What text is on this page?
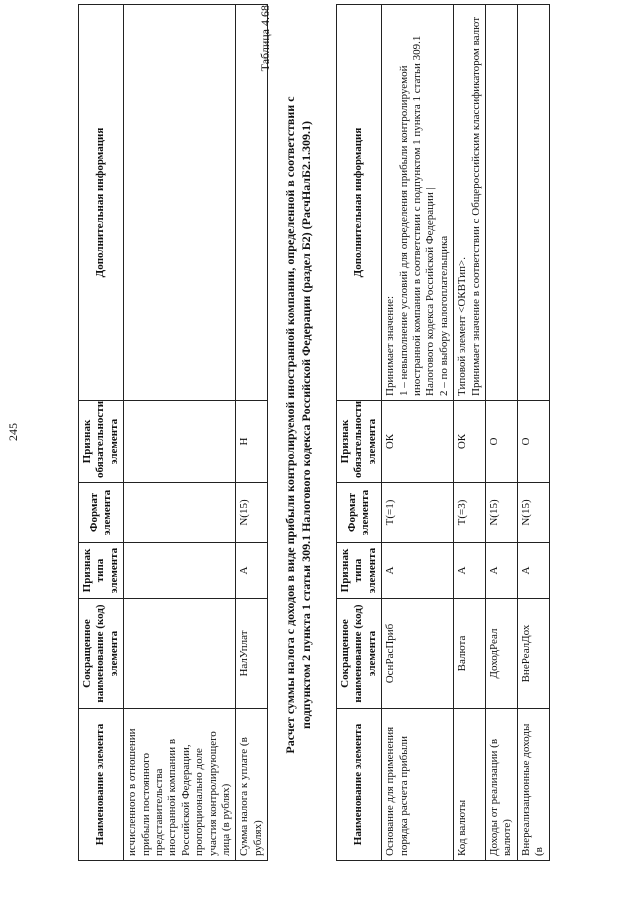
245
Наименование элемента	Сокращенное наименование (код) элемента	Признак типа элемента	Формат элемента	Признак обязательности элемента	Дополнительная информация
исчисленного в отношении прибыли постоянного представительства иностранной компании в Российской Федерации, пропорционально доле участия контролирующего лица (в рублях)					
Сумма налога к уплате (в рублях)	НалУплат	А	N(15)	Н	
Таблица 4.68
Расчет суммы налога с доходов в виде прибыли контролируемой иностранной компании, определенной в соответствии с подпунктом 2 пункта 1 статьи 309.1 Налогового кодекса Российской Федерации (раздел Б2) (РасчНалБ2.1.309.1)
Наименование элемента	Сокращенное наименование (код) элемента	Признак типа элемента	Формат элемента	Признак обязательности элемента	Дополнительная информация
Основание для применения порядка расчета прибыли	ОснРасПриб	А	T(=1)	ОК	Принимает значение: 1 – невыполнение условий для определения прибыли контролируемой иностранной компании в соответствии с подпунктом 1 пункта 1 статьи 309.1 Налогового кодекса Российской Федерации | 2 – по выбору налогоплательщика

Код валюты	Валюта	А	T(=3)	ОК	Типовой элемент <ОКВТип>. Принимает значение в соответствии с Общероссийским классификатором валют

Доходы от реализации (в валюте)	ДоходРеал	А	N(15)	О	
Внереализационные доходы (в	ВнеРеалДох	А	N(15)	О	
